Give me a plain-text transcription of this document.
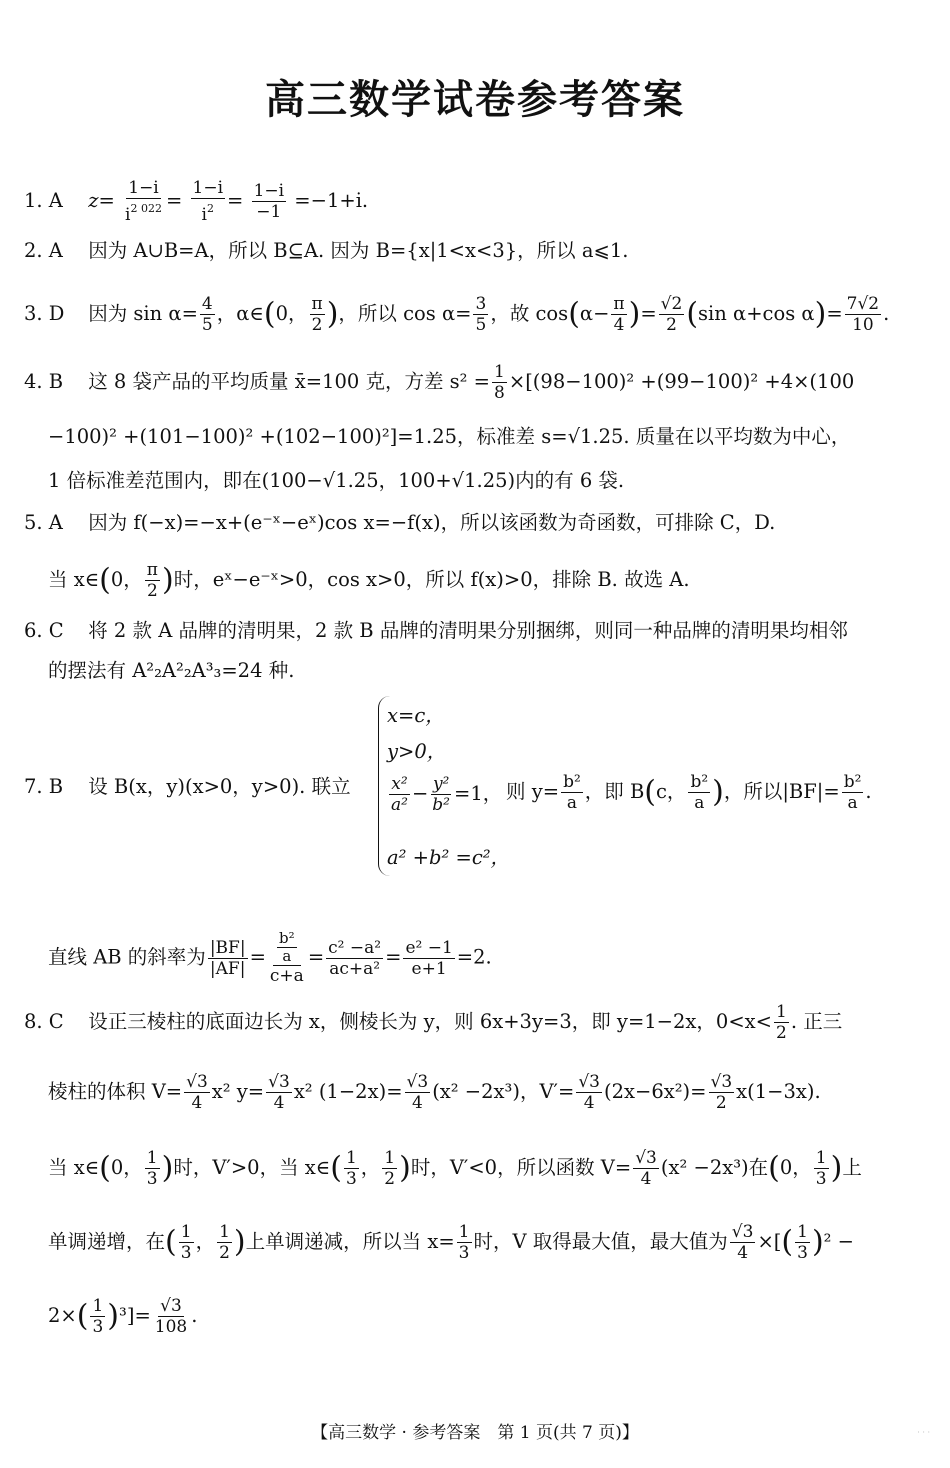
高三数学试卷参考答案
1. A $z= \frac{1-i}{i^{2 022}} = \frac{1-i}{i^2} = \frac{1-i}{-1} =-1+i$.
2. A 因为 A∪B=A，所以 B⊆A. 因为 B={x|1<x<3}，所以 a⩽1.
3. D 因为 $\sin \alpha= \frac{4}{5}$ ，α∈(0， $\frac{\pi}{2}$ )，所以 $\cos \alpha= \frac{3}{5}$ ，故 $\cos(\alpha- \frac{\pi}{4}$ )= $\frac{√2}{2} (\sin$ α+cos $\alpha)= \frac{7√2}{10}$ .
4. B 这 8 袋产品的平均质量 x̄=100 克，方差 $s^2 = \frac{1}{8} \times[(98-100)^2 +(99-100)^2 +4\times(100$
−100)² +(101−100)² +(102−100)²]=1.25，标准差 s=√1.25. 质量在以平均数为中心，
1 倍标准差范围内，即在(100−√1.25，100+√1.25)内的有 6 袋.
5. A 因为 f(−x)=−x+(e⁻ˣ−eˣ)cos x=−f(x)，所以该函数为奇函数，可排除 C，D.
当 x∈(0， $\frac{\pi}{2}$ )时，eˣ−e⁻ˣ>0，cos x>0，所以 f(x)>0，排除 B. 故选 A.
6. C 将 2 款 A 品牌的清明果，2 款 B 品牌的清明果分别捆绑，则同一种品牌的清明果均相邻
的摆法有 A²₂A²₂A³₃=24 种.
7. B 设 B(x，y)(x>0，y>0). 联立
x=c，
y>0，
$\frac{\text{x²}}{\text{a²}} - \frac{\text{y²}}{\text{b²}} =1$，
a² +b² =c²，
则 $y= \frac{\text{b²}}{a}$ ，即 B(c， $\frac{\text{b²}}{a}$ )，所以$|BF|= \frac{\text{b²}}{a}$ .
直线 AB 的斜率为 $\frac{|BF|}{|AF|} = \frac{\frac{\text{b²}}{a}}{c+a} = \frac{\text{c² −a²}}{\text{ac+a²}} = \frac{\text{e² −1}}{e+1} =2$.
8. C 设正三棱柱的底面边长为 x，侧棱长为 y，则 6x+3y=3，即 y=1−2x，$0<x< \frac{1}{2}$ . 正三
棱柱的体积 $V= \frac{√3}{4} x^2$ $y= \frac{√3}{4} x^2$ $(1-2x)= \frac{√3}{4} (x^2 -2x^3)$，$V'= \frac{√3}{4} (2x-6x^2)= \frac{√3}{2} x(1-3x)$.
当 x∈(0， $\frac{1}{3}$ )时，V′>0，当 x∈( $\frac{1}{3}$ ， $\frac{1}{2}$ )时，V′<0，所以函数 $V= \frac{√3}{4} (x^2 -2x^3)$在(0， $\frac{1}{3}$ )上
单调递增，在( $\frac{1}{3}$ ， $\frac{1}{2}$ )上单调递减，所以当 $x= \frac{1}{3}$ 时，V 取得最大值，最大值为 $\frac{√3}{4}$ ×[( $\frac{1}{3} )^2$ −
$2\times( \frac{1}{3} )^3]= \frac{√3}{108}$ .
【高三数学 · 参考答案　第 1 页(共 7 页)】	· · ·
